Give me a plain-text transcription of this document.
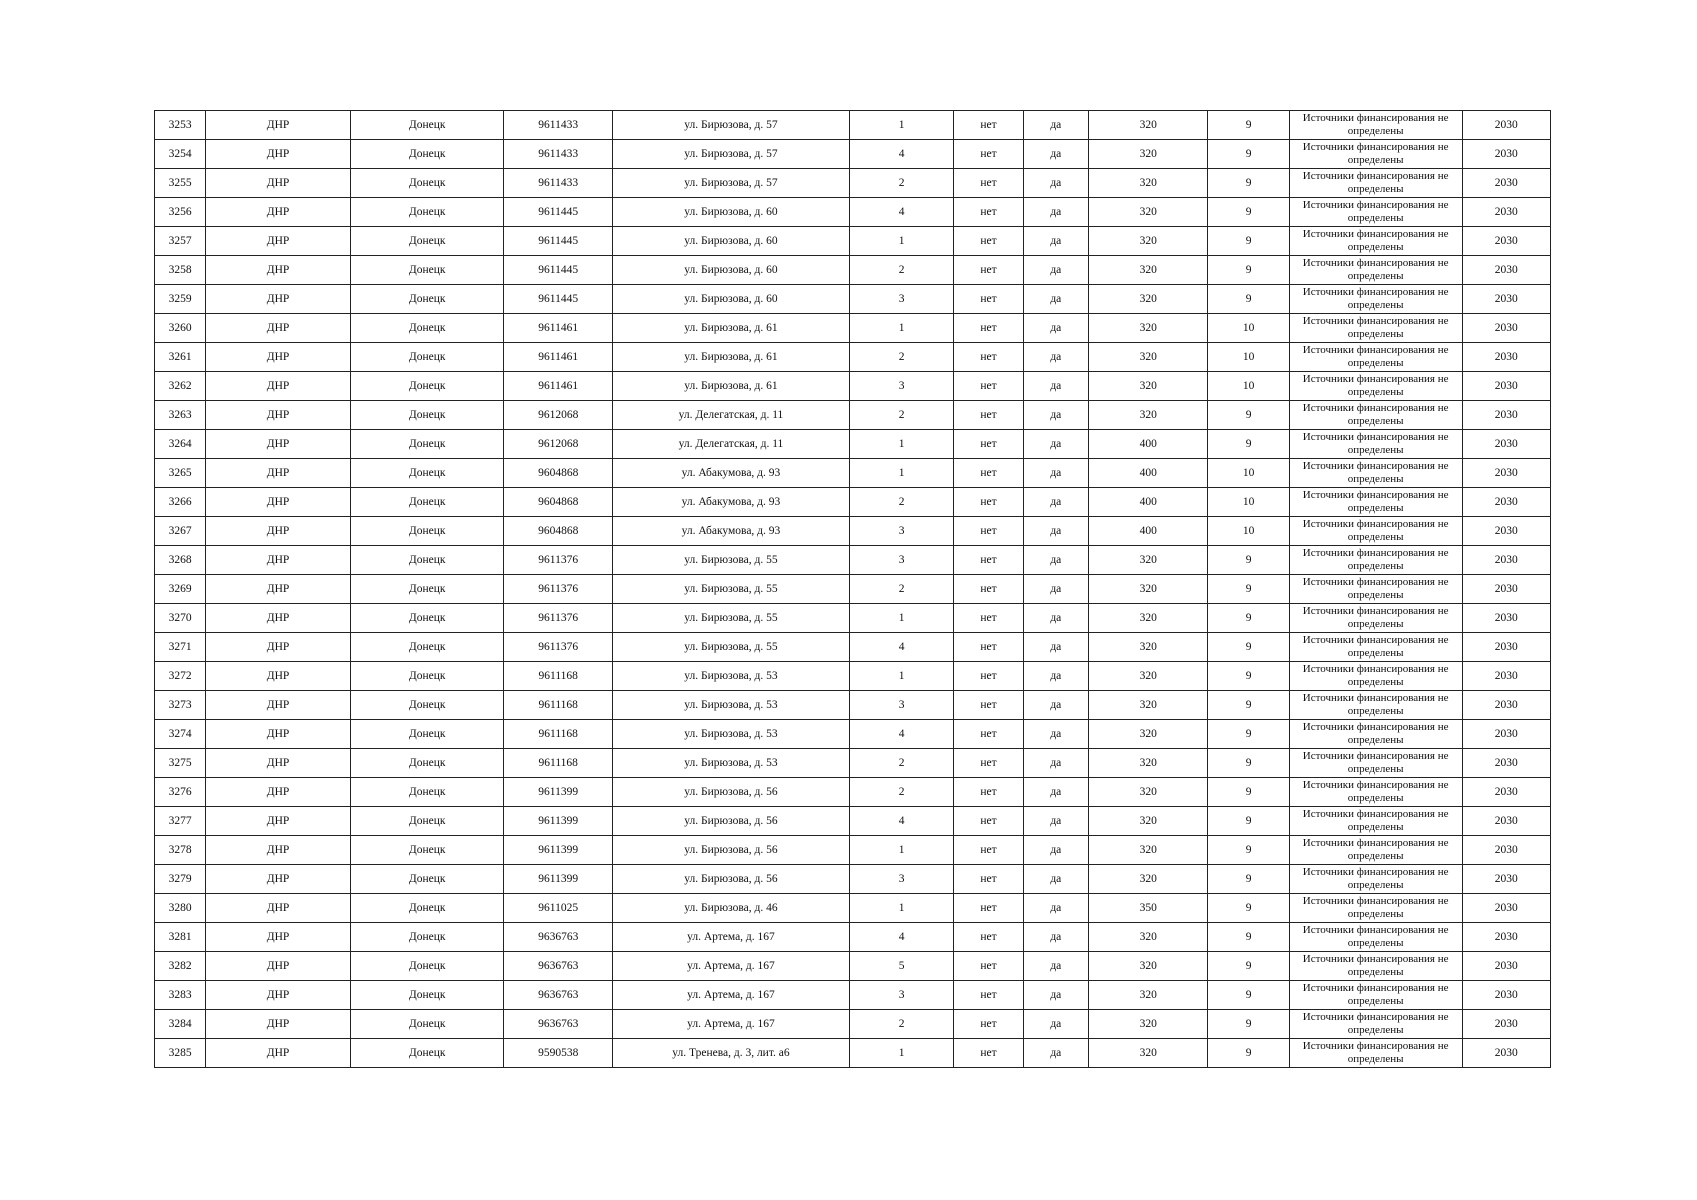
3253	ДНР	Донецк	9611433	ул. Бирюзова, д. 57	1	нет	да	320	9	Источники финансирования не определены	2030
3254	ДНР	Донецк	9611433	ул. Бирюзова, д. 57	4	нет	да	320	9	Источники финансирования не определены	2030
3255	ДНР	Донецк	9611433	ул. Бирюзова, д. 57	2	нет	да	320	9	Источники финансирования не определены	2030
3256	ДНР	Донецк	9611445	ул. Бирюзова, д. 60	4	нет	да	320	9	Источники финансирования не определены	2030
3257	ДНР	Донецк	9611445	ул. Бирюзова, д. 60	1	нет	да	320	9	Источники финансирования не определены	2030
3258	ДНР	Донецк	9611445	ул. Бирюзова, д. 60	2	нет	да	320	9	Источники финансирования не определены	2030
3259	ДНР	Донецк	9611445	ул. Бирюзова, д. 60	3	нет	да	320	9	Источники финансирования не определены	2030
3260	ДНР	Донецк	9611461	ул. Бирюзова, д. 61	1	нет	да	320	10	Источники финансирования не определены	2030
3261	ДНР	Донецк	9611461	ул. Бирюзова, д. 61	2	нет	да	320	10	Источники финансирования не определены	2030
3262	ДНР	Донецк	9611461	ул. Бирюзова, д. 61	3	нет	да	320	10	Источники финансирования не определены	2030
3263	ДНР	Донецк	9612068	ул. Делегатская, д. 11	2	нет	да	320	9	Источники финансирования не определены	2030
3264	ДНР	Донецк	9612068	ул. Делегатская, д. 11	1	нет	да	400	9	Источники финансирования не определены	2030
3265	ДНР	Донецк	9604868	ул. Абакумова, д. 93	1	нет	да	400	10	Источники финансирования не определены	2030
3266	ДНР	Донецк	9604868	ул. Абакумова, д. 93	2	нет	да	400	10	Источники финансирования не определены	2030
3267	ДНР	Донецк	9604868	ул. Абакумова, д. 93	3	нет	да	400	10	Источники финансирования не определены	2030
3268	ДНР	Донецк	9611376	ул. Бирюзова, д. 55	3	нет	да	320	9	Источники финансирования не определены	2030
3269	ДНР	Донецк	9611376	ул. Бирюзова, д. 55	2	нет	да	320	9	Источники финансирования не определены	2030
3270	ДНР	Донецк	9611376	ул. Бирюзова, д. 55	1	нет	да	320	9	Источники финансирования не определены	2030
3271	ДНР	Донецк	9611376	ул. Бирюзова, д. 55	4	нет	да	320	9	Источники финансирования не определены	2030
3272	ДНР	Донецк	9611168	ул. Бирюзова, д. 53	1	нет	да	320	9	Источники финансирования не определены	2030
3273	ДНР	Донецк	9611168	ул. Бирюзова, д. 53	3	нет	да	320	9	Источники финансирования не определены	2030
3274	ДНР	Донецк	9611168	ул. Бирюзова, д. 53	4	нет	да	320	9	Источники финансирования не определены	2030
3275	ДНР	Донецк	9611168	ул. Бирюзова, д. 53	2	нет	да	320	9	Источники финансирования не определены	2030
3276	ДНР	Донецк	9611399	ул. Бирюзова, д. 56	2	нет	да	320	9	Источники финансирования не определены	2030
3277	ДНР	Донецк	9611399	ул. Бирюзова, д. 56	4	нет	да	320	9	Источники финансирования не определены	2030
3278	ДНР	Донецк	9611399	ул. Бирюзова, д. 56	1	нет	да	320	9	Источники финансирования не определены	2030
3279	ДНР	Донецк	9611399	ул. Бирюзова, д. 56	3	нет	да	320	9	Источники финансирования не определены	2030
3280	ДНР	Донецк	9611025	ул. Бирюзова, д. 46	1	нет	да	350	9	Источники финансирования не определены	2030
3281	ДНР	Донецк	9636763	ул. Артема, д. 167	4	нет	да	320	9	Источники финансирования не определены	2030
3282	ДНР	Донецк	9636763	ул. Артема, д. 167	5	нет	да	320	9	Источники финансирования не определены	2030
3283	ДНР	Донецк	9636763	ул. Артема, д. 167	3	нет	да	320	9	Источники финансирования не определены	2030
3284	ДНР	Донецк	9636763	ул. Артема, д. 167	2	нет	да	320	9	Источники финансирования не определены	2030
3285	ДНР	Донецк	9590538	ул. Тренева, д. 3, лит. а6	1	нет	да	320	9	Источники финансирования не определены	2030
